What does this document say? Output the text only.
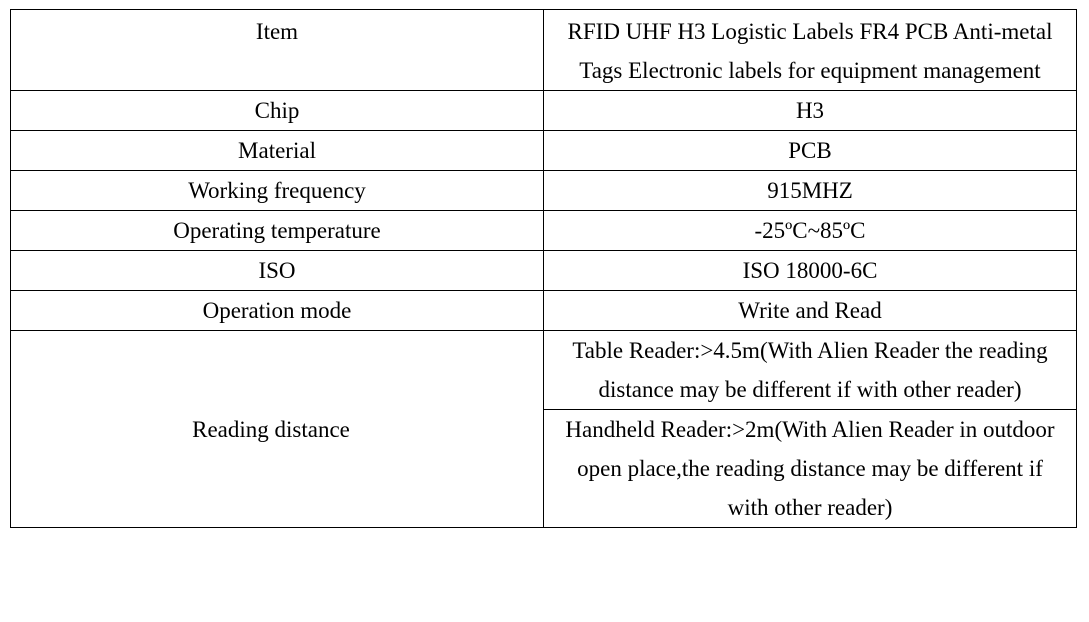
Item	RFID UHF H3 Logistic Labels FR4 PCB Anti-metal Tags Electronic labels for equipment management
Chip	H3
Material	PCB
Working frequency	915MHZ
Operating temperature	-25ºC~85ºC
ISO	ISO 18000-6C
Operation mode	Write and Read
Reading distance	Table Reader:>4.5m(With Alien Reader the reading distance may be different if with other reader)
	Handheld Reader:>2m(With Alien Reader in outdoor open place,the reading distance may be different if with other reader)
